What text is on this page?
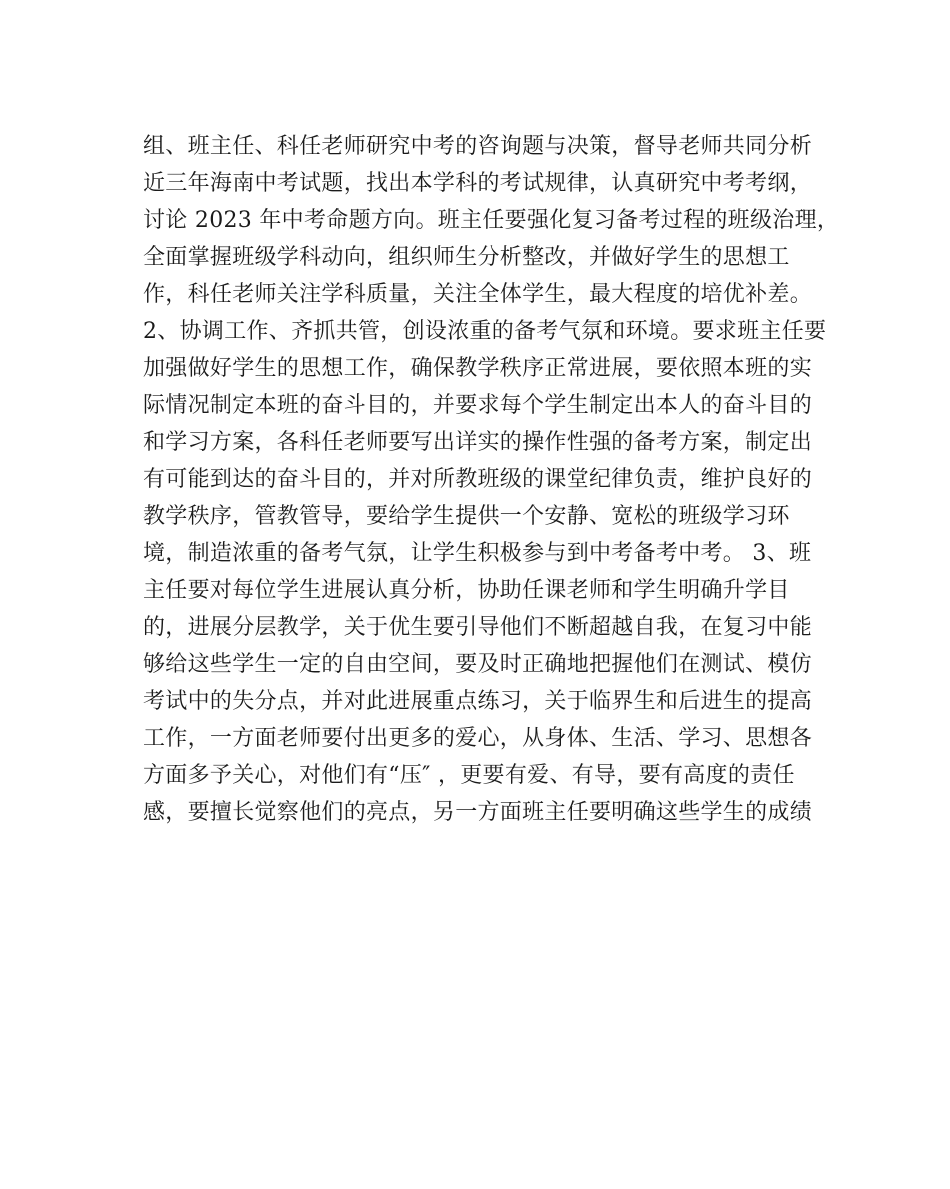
组、班主任、科任老师研究中考的咨询题与决策，督导老师共同分析
近三年海南中考试题，找出本学科的考试规律，认真研究中考考纲，
讨论 2023 年中考命题方向。班主任要强化复习备考过程的班级治理，
全面掌握班级学科动向，组织师生分析整改，并做好学生的思想工
作，科任老师关注学科质量，关注全体学生，最大程度的培优补差。
2、协调工作、齐抓共管，创设浓重的备考气氛和环境。要求班主任要
加强做好学生的思想工作，确保教学秩序正常进展，要依照本班的实
际情况制定本班的奋斗目的，并要求每个学生制定出本人的奋斗目的
和学习方案，各科任老师要写出详实的操作性强的备考方案，制定出
有可能到达的奋斗目的，并对所教班级的课堂纪律负责，维护良好的
教学秩序，管教管导，要给学生提供一个安静、宽松的班级学习环
境，制造浓重的备考气氛，让学生积极参与到中考备考中考。 3、班
主任要对每位学生进展认真分析，协助任课老师和学生明确升学目
的，进展分层教学，关于优生要引导他们不断超越自我，在复习中能
够给这些学生一定的自由空间，要及时正确地把握他们在测试、模仿
考试中的失分点，并对此进展重点练习，关于临界生和后进生的提高
工作，一方面老师要付出更多的爱心，从身体、生活、学习、思想各
方面多予关心，对他们有“压″ ，更要有爱、有导，要有高度的责任
感，要擅长觉察他们的亮点，另一方面班主任要明确这些学生的成绩
